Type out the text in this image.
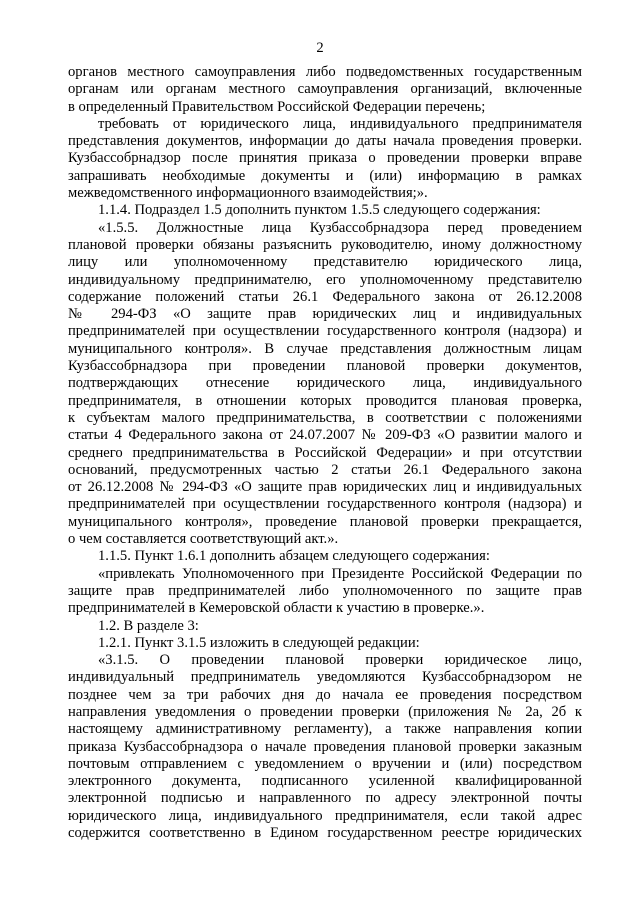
2
органов местного самоуправления либо подведомственных государственным
органам или органам местного самоуправления организаций, включенные
в определенный Правительством Российской Федерации перечень;
требовать от юридического лица, индивидуального предпринимателя
представления документов, информации до даты начала проведения проверки.
Кузбассобрнадзор после принятия приказа о проведении проверки вправе
запрашивать необходимые документы и (или) информацию в рамках
межведомственного информационного взаимодействия;».
1.1.4. Подраздел 1.5 дополнить пунктом 1.5.5 следующего содержания:
«1.5.5. Должностные лица Кузбассобрнадзора перед проведением
плановой проверки обязаны разъяснить руководителю, иному должностному
лицу или уполномоченному представителю юридического лица,
индивидуальному предпринимателю, его уполномоченному представителю
содержание положений статьи 26.1 Федерального закона от 26.12.2008
№ 294-ФЗ «О защите прав юридических лиц и индивидуальных
предпринимателей при осуществлении государственного контроля (надзора) и
муниципального контроля». В случае представления должностным лицам
Кузбассобрнадзора при проведении плановой проверки документов,
подтверждающих отнесение юридического лица, индивидуального
предпринимателя, в отношении которых проводится плановая проверка,
к субъектам малого предпринимательства, в соответствии с положениями
статьи 4 Федерального закона от 24.07.2007 № 209-ФЗ «О развитии малого и
среднего предпринимательства в Российской Федерации» и при отсутствии
оснований, предусмотренных частью 2 статьи 26.1 Федерального закона
от 26.12.2008 № 294-ФЗ «О защите прав юридических лиц и индивидуальных
предпринимателей при осуществлении государственного контроля (надзора) и
муниципального контроля», проведение плановой проверки прекращается,
о чем составляется соответствующий акт.».
1.1.5. Пункт 1.6.1 дополнить абзацем следующего содержания:
«привлекать Уполномоченного при Президенте Российской Федерации по
защите прав предпринимателей либо уполномоченного по защите прав
предпринимателей в Кемеровской области к участию в проверке.».
1.2. В разделе 3:
1.2.1. Пункт 3.1.5 изложить в следующей редакции:
«3.1.5. О проведении плановой проверки юридическое лицо,
индивидуальный предприниматель уведомляются Кузбассобрнадзором не
позднее чем за три рабочих дня до начала ее проведения посредством
направления уведомления о проведении проверки (приложения № 2а, 2б к
настоящему административному регламенту), а также направления копии
приказа Кузбассобрнадзора о начале проведения плановой проверки заказным
почтовым отправлением с уведомлением о вручении и (или) посредством
электронного документа, подписанного усиленной квалифицированной
электронной подписью и направленного по адресу электронной почты
юридического лица, индивидуального предпринимателя, если такой адрес
содержится соответственно в Едином государственном реестре юридических
